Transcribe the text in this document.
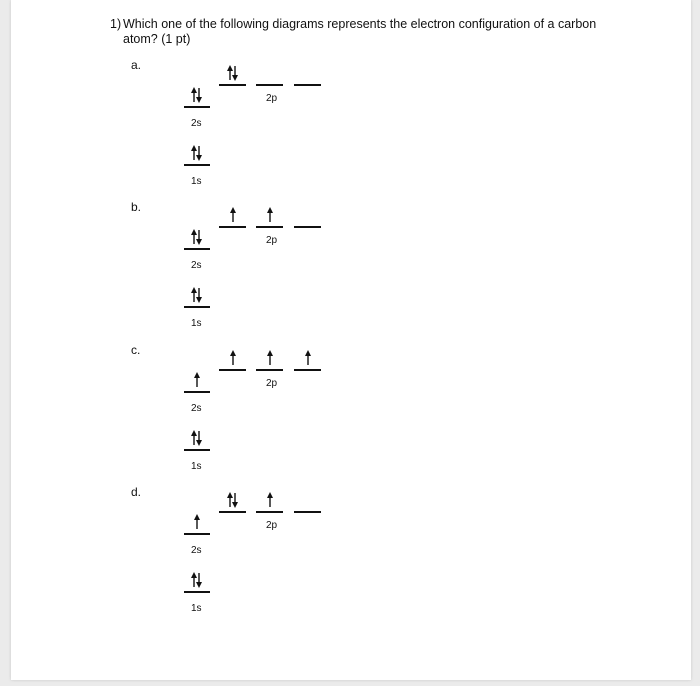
1) Which one of the following diagrams represents the electron configuration of a carbon atom? (1 pt)
a.
1s
2s
2p
b.
1s
2s
2p
c.
1s
2s
2p
d.
1s
2s
2p
